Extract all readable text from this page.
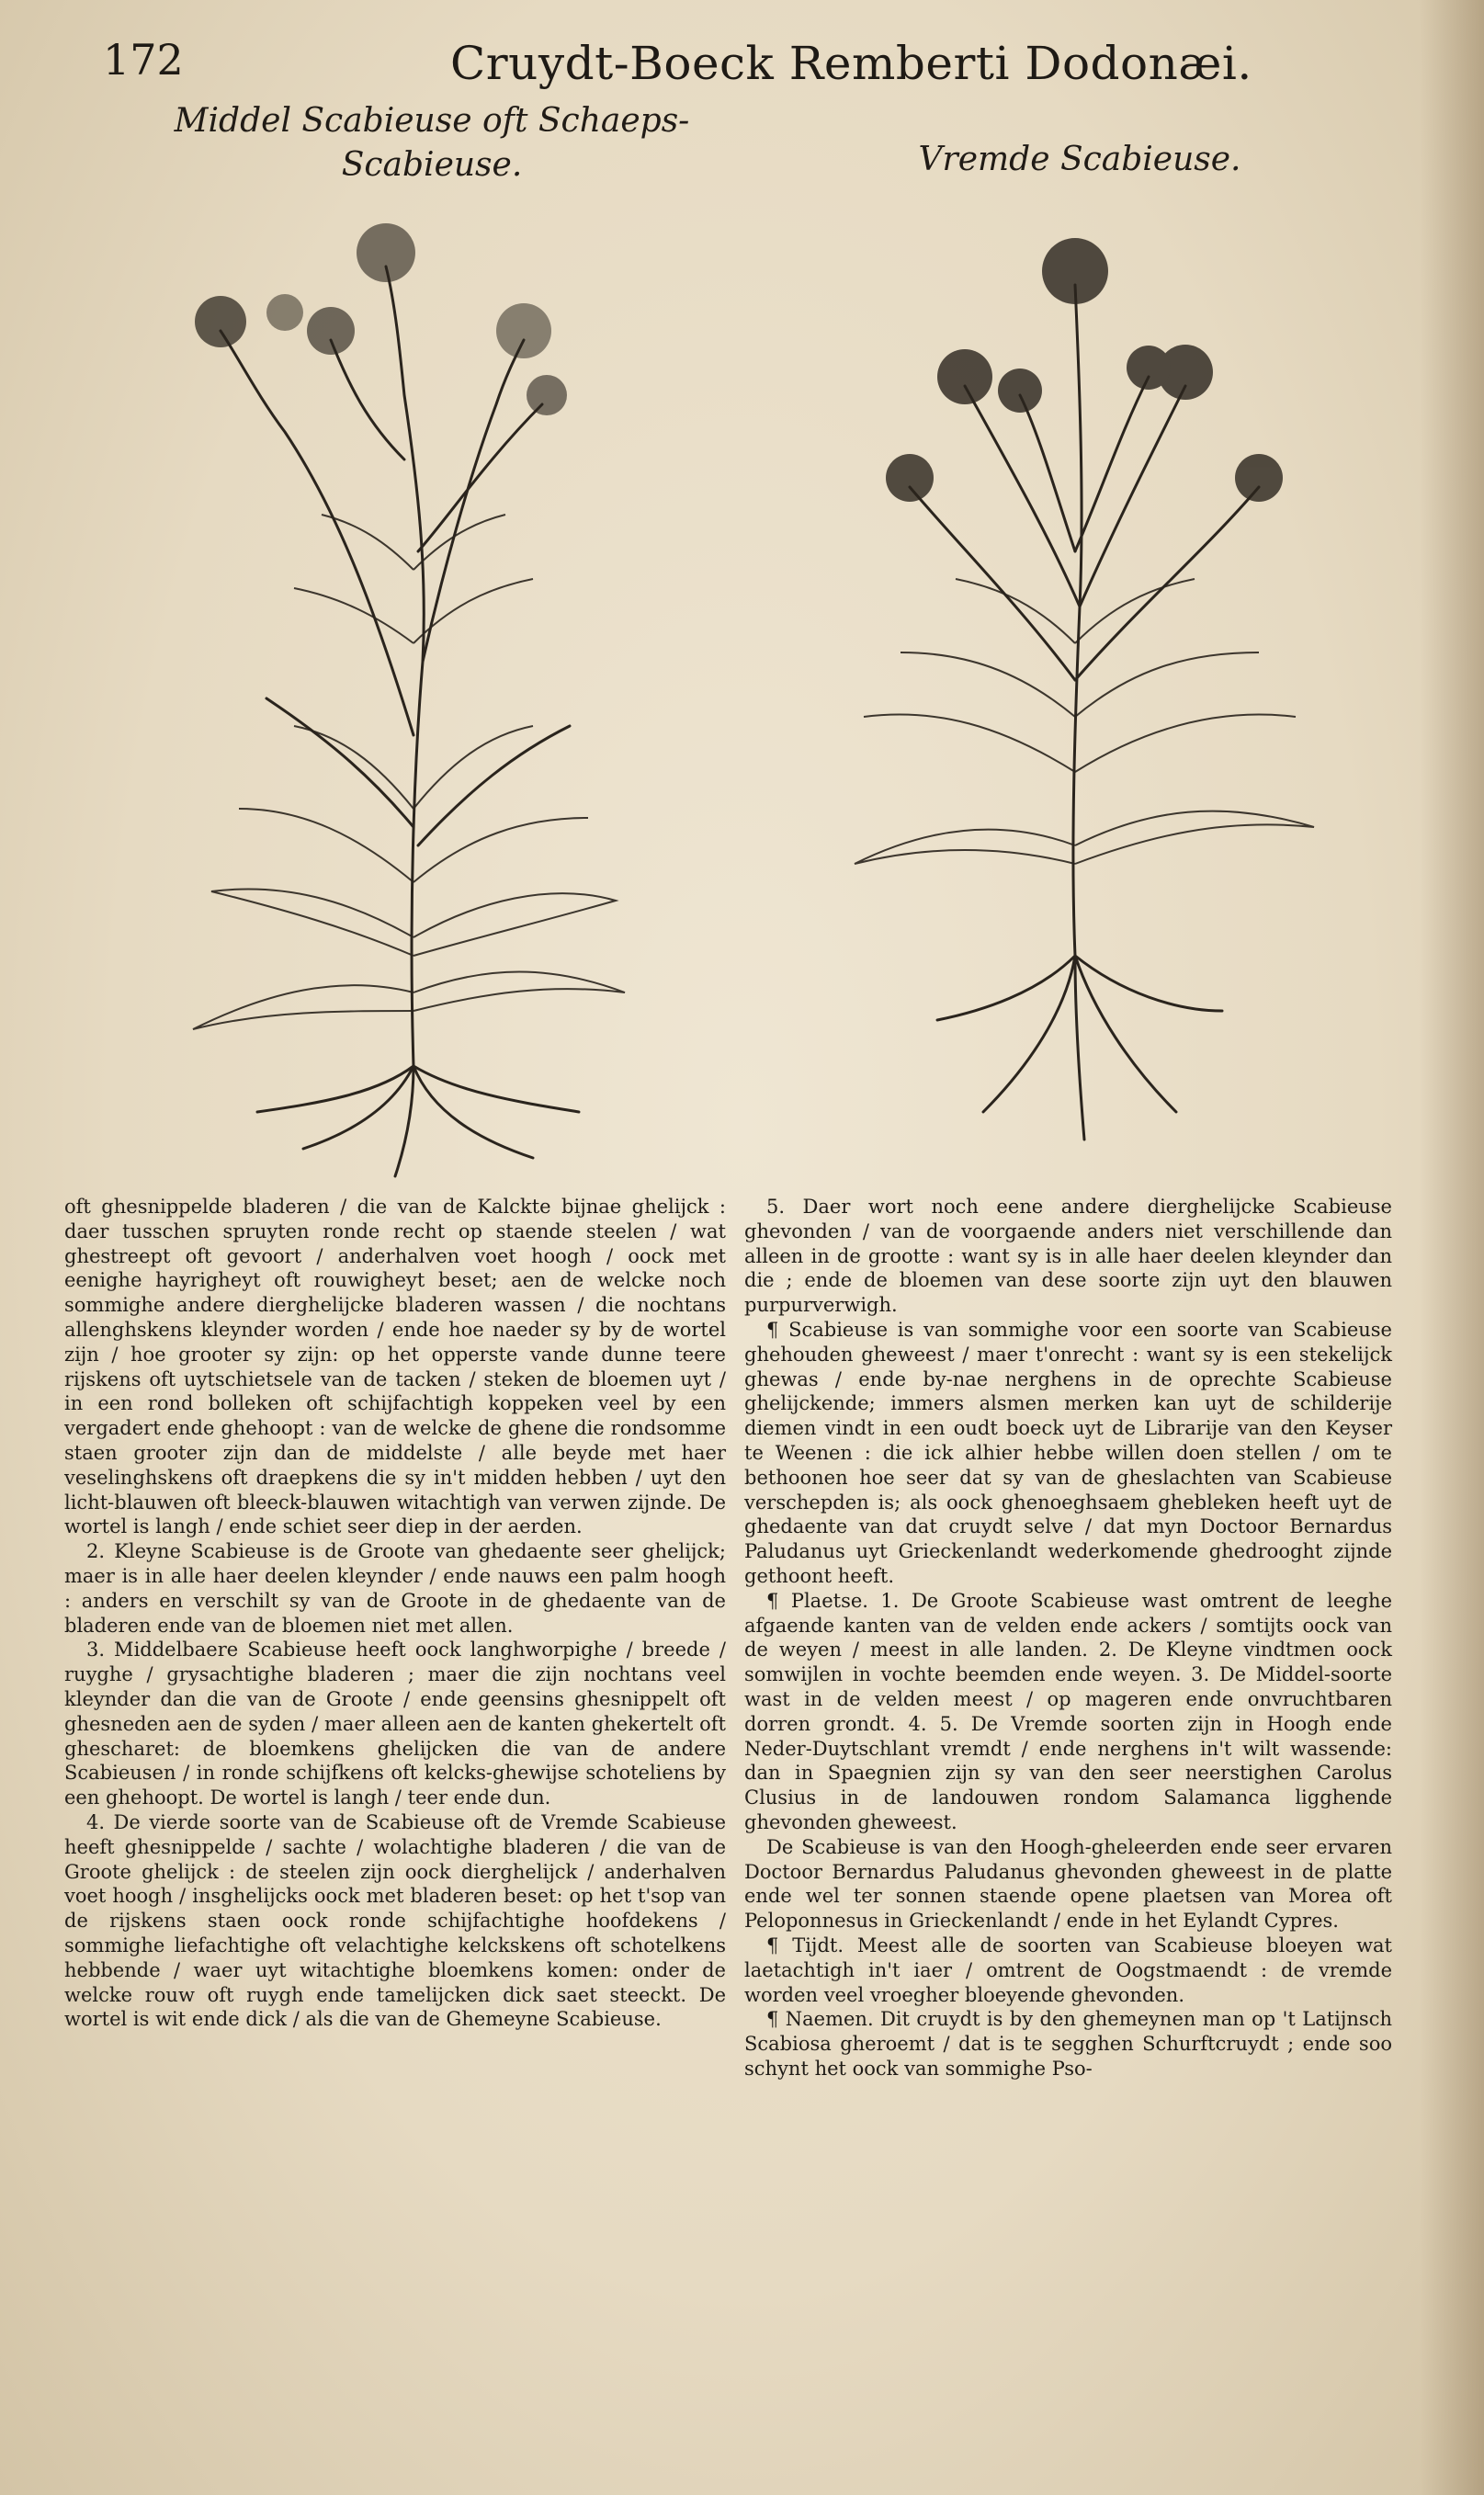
172	Cruydt-Boeck Remberti Dodonæi.
Middel Scabieuse oft Schaeps-Scabieuse.	Vremde Scabieuse.

oft ghesnippelde bladeren / die van de Kalckte bijnae ghelijck : daer tusschen spruyten ronde recht op staende steelen / wat ghestreept oft gevoort / anderhalven voet hoogh / oock met eenighe hayrigheyt oft rouwigheyt beset; aen de welcke noch sommighe andere dierghelijcke bladeren wassen / die nochtans allenghskens kleynder worden / ende hoe naeder sy by de wortel zijn / hoe grooter sy zijn: op het opperste vande dunne teere rijskens oft uytschietsele van de tacken / steken de bloemen uyt / in een rond bolleken oft schijfachtigh koppeken veel by een vergadert ende ghehoopt : van de welcke de ghene die rondsomme staen grooter zijn dan de middelste / alle beyde met haer veselinghskens oft draepkens die sy in't midden hebben / uyt den licht-blauwen oft bleeck-blauwen witachtigh van verwen zijnde. De wortel is langh / ende schiet seer diep in der aerden.

2. Kleyne Scabieuse is de Groote van ghedaente seer ghelijck; maer is in alle haer deelen kleynder / ende nauws een palm hoogh : anders en verschilt sy van de Groote in de ghedaente van de bladeren ende van de bloemen niet met allen.

3. Middelbaere Scabieuse heeft oock langhworpighe / breede / ruyghe / grysachtighe bladeren ; maer die zijn nochtans veel kleynder dan die van de Groote / ende geensins ghesnippelt oft ghesneden aen de syden / maer alleen aen de kanten ghekertelt oft ghescharet: de bloemkens ghelijcken die van de andere Scabieusen / in ronde schijfkens oft kelcks-ghewijse schoteliens by een ghehoopt. De wortel is langh / teer ende dun.

4. De vierde soorte van de Scabieuse oft de Vremde Scabieuse heeft ghesnippelde / sachte / wolachtighe bladeren / die van de Groote ghelijck : de steelen zijn oock dierghelijck / anderhalven voet hoogh / insghelijcks oock met bladeren beset: op het t'sop van de rijskens staen oock ronde schijfachtighe hoofdekens / sommighe liefachtighe oft velachtighe kelckskens oft schotelkens hebbende / waer uyt witachtighe bloemkens komen: onder de welcke rouw oft ruygh ende tamelijcken dick saet steeckt. De wortel is wit ende dick / als die van de Ghemeyne Scabieuse.

5. Daer wort noch eene andere dierghelijcke Scabieuse ghevonden / van de voorgaende anders niet verschillende dan alleen in de grootte : want sy is in alle haer deelen kleynder dan die ; ende de bloemen van dese soorte zijn uyt den blauwen purpurverwigh.

¶ Scabieuse is van sommighe voor een soorte van Scabieuse ghehouden gheweest / maer t'onrecht : want sy is een stekelijck ghewas / ende by-nae nerghens in de oprechte Scabieuse ghelijckende; immers alsmen merken kan uyt de schilderije diemen vindt in een oudt boeck uyt de Librarije van den Keyser te Weenen : die ick alhier hebbe willen doen stellen / om te bethoonen hoe seer dat sy van de gheslachten van Scabieuse verschepden is; als oock ghenoeghsaem ghebleken heeft uyt de ghedaente van dat cruydt selve / dat myn Doctoor Bernardus Paludanus uyt Grieckenlandt wederkomende ghedrooght zijnde gethoont heeft.

¶ Plaetse. 1. De Groote Scabieuse wast omtrent de leeghe afgaende kanten van de velden ende ackers / somtijts oock van de weyen / meest in alle landen. 2. De Kleyne vindtmen oock somwijlen in vochte beemden ende weyen. 3. De Middel-soorte wast in de velden meest / op mageren ende onvruchtbaren dorren grondt. 4. 5. De Vremde soorten zijn in Hoogh ende Neder-Duytschlant vremdt / ende nerghens in't wilt wassende: dan in Spaegnien zijn sy van den seer neerstighen Carolus Clusius in de landouwen rondom Salamanca ligghende ghevonden gheweest.

De Scabieuse is van den Hoogh-gheleerden ende seer ervaren Doctoor Bernardus Paludanus ghevonden gheweest in de platte ende wel ter sonnen staende opene plaetsen van Morea oft Peloponnesus in Grieckenlandt / ende in het Eylandt Cypres.

¶ Tijdt. Meest alle de soorten van Scabieuse bloeyen wat laetachtigh in't iaer / omtrent de Oogstmaendt : de vremde worden veel vroegher bloeyende ghevonden.

¶ Naemen. Dit cruydt is by den ghemeynen man op 't Latijnsch Scabiosa gheroemt / dat is te segghen Schurftcruydt ; ende soo schynt het oock van sommighe Pso-
